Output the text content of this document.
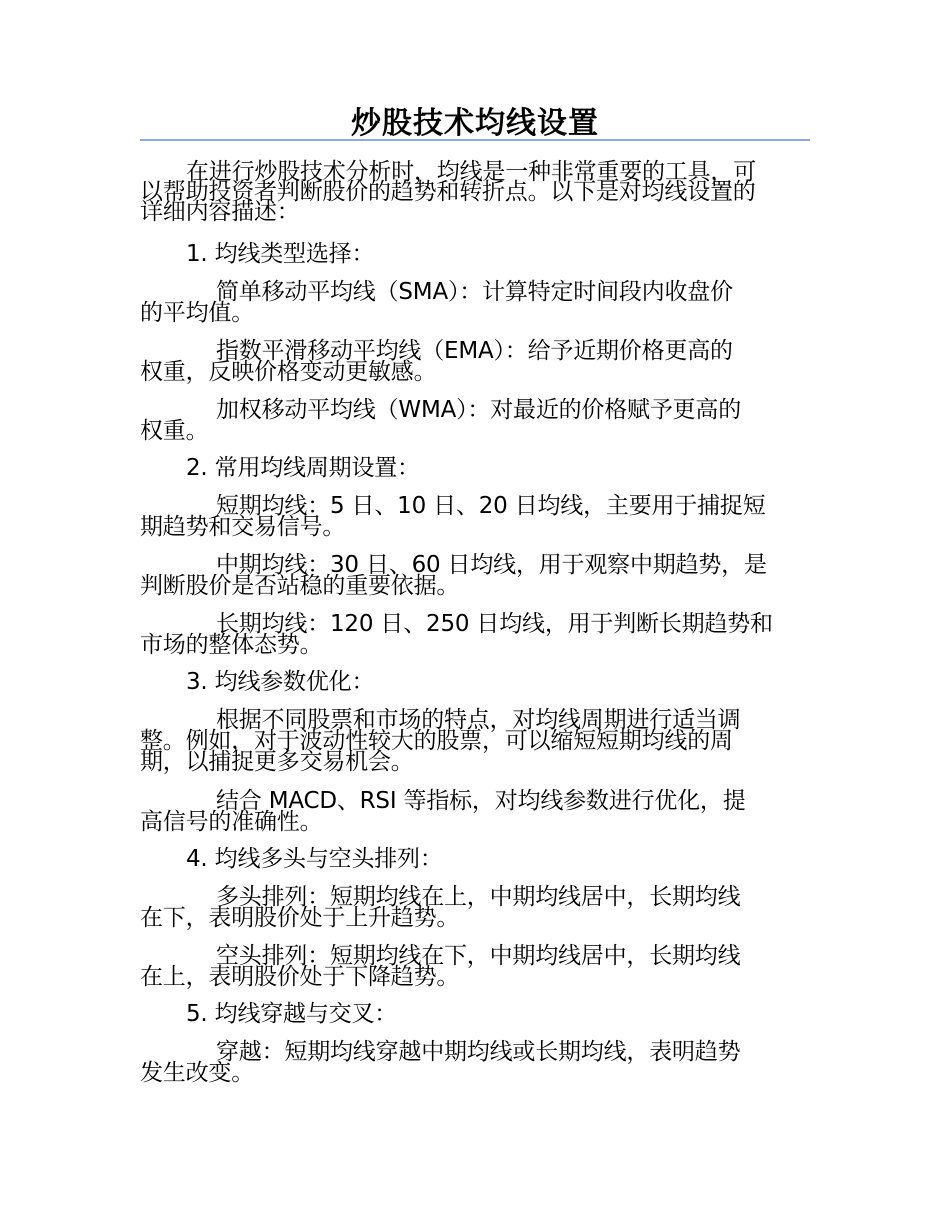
炒股技术均线设置
在进行炒股技术分析时，均线是一种非常重要的工具，可
以帮助投资者判断股价的趋势和转折点。以下是对均线设置的
详细内容描述：
1. 均线类型选择：
简单移动平均线（SMA）：计算特定时间段内收盘价
的平均值。
指数平滑移动平均线（EMA）：给予近期价格更高的
权重，反映价格变动更敏感。
加权移动平均线（WMA）：对最近的价格赋予更高的
权重。
2. 常用均线周期设置：
短期均线：5 日、10 日、20 日均线，主要用于捕捉短
期趋势和交易信号。
中期均线：30 日、60 日均线，用于观察中期趋势，是
判断股价是否站稳的重要依据。
长期均线：120 日、250 日均线，用于判断长期趋势和
市场的整体态势。
3. 均线参数优化：
根据不同股票和市场的特点，对均线周期进行适当调
整。例如，对于波动性较大的股票，可以缩短短期均线的周
期，以捕捉更多交易机会。
结合 MACD、RSI 等指标，对均线参数进行优化，提
高信号的准确性。
4. 均线多头与空头排列：
多头排列：短期均线在上，中期均线居中，长期均线
在下，表明股价处于上升趋势。
空头排列：短期均线在下，中期均线居中，长期均线
在上，表明股价处于下降趋势。
5. 均线穿越与交叉：
穿越：短期均线穿越中期均线或长期均线，表明趋势
发生改变。
